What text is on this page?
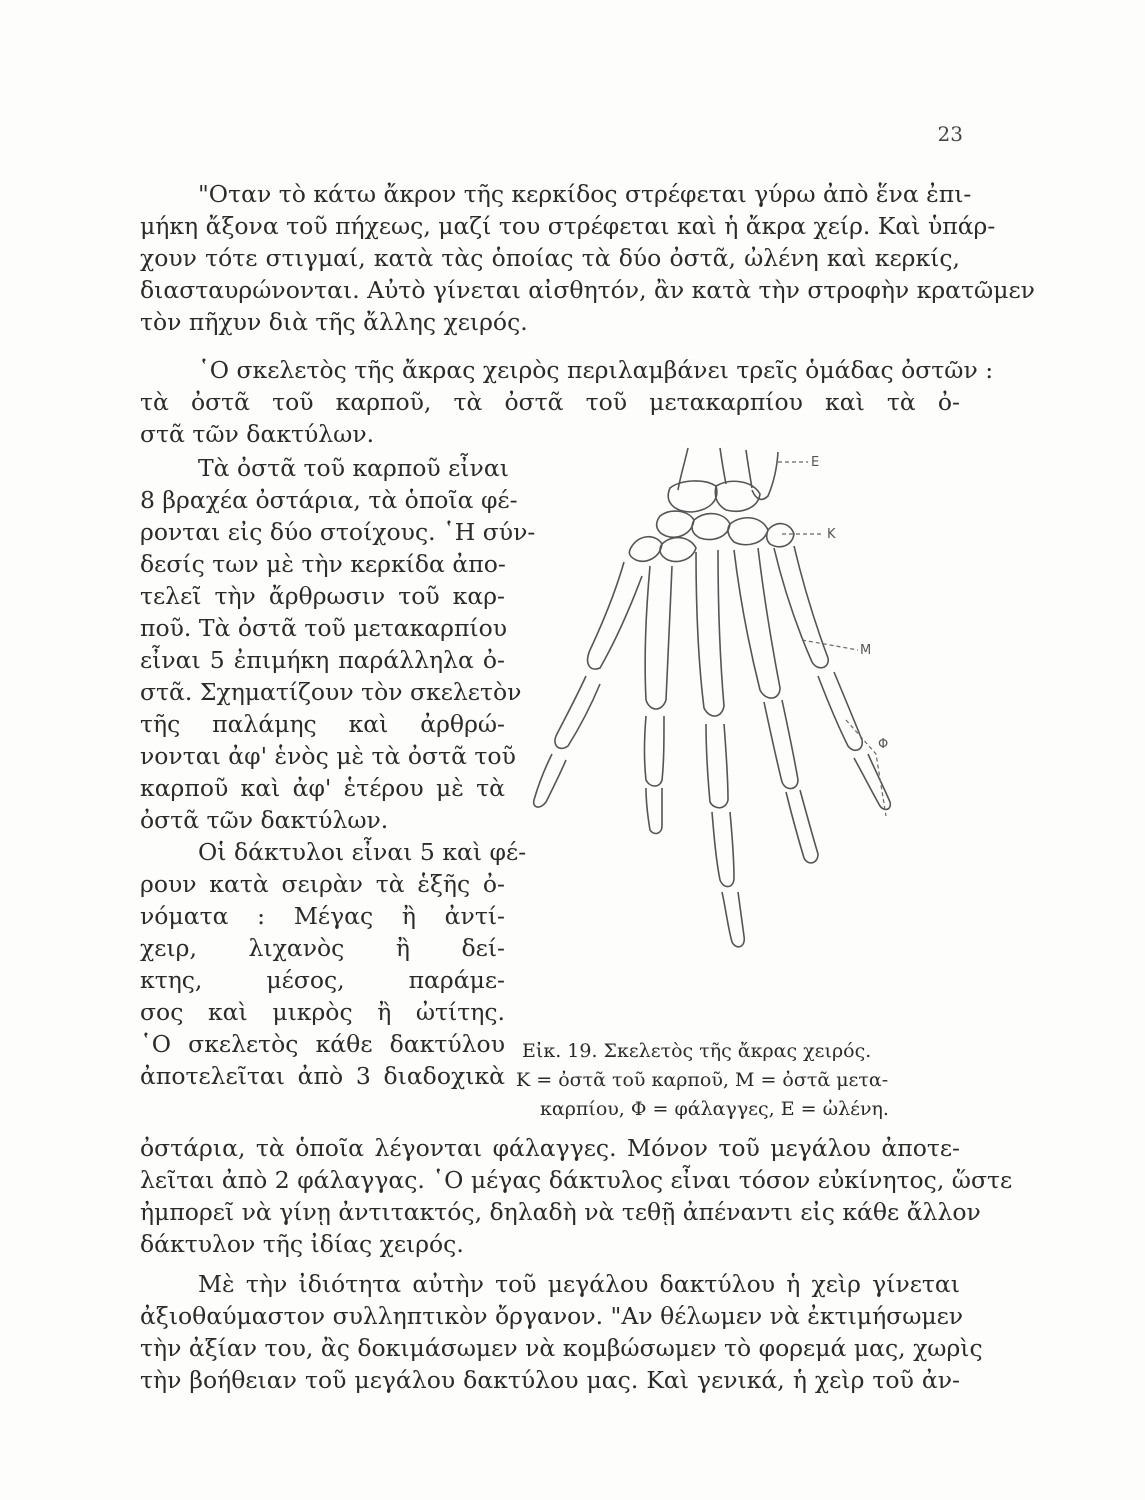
23
"Οταν τὸ κάτω ἄκρον τῆς κερκίδος στρέφεται γύρω ἀπὸ ἕνα ἐπι-
μήκη ἄξονα τοῦ πήχεως, μαζί του στρέφεται καὶ ἡ ἄκρα χείρ. Καὶ ὑπάρ-
χουν τότε στιγμαί, κατὰ τὰς ὁποίας τὰ δύο ὀστᾶ, ὠλένη καὶ κερκίς,
διασταυρώνονται. Αὐτὸ γίνεται αἰσθητόν, ἂν κατὰ τὴν στροφὴν κρατῶμεν
τὸν πῆχυν διὰ τῆς ἄλλης χειρός.
῾Ο σκελετὸς τῆς ἄκρας χειρὸς περιλαμβάνει τρεῖς ὁμάδας ὀστῶν :
τὰ ὀστᾶ τοῦ καρποῦ, τὰ ὀστᾶ τοῦ μετακαρπίου καὶ τὰ ὀ-
στᾶ τῶν δακτύλων.
Τὰ ὀστᾶ τοῦ καρποῦ εἶναι
8 βραχέα ὀστάρια, τὰ ὁποῖα φέ-
ρονται εἰς δύο στοίχους. ῾Η σύν-
δεσίς των μὲ τὴν κερκίδα ἀπο-
τελεῖ τὴν ἄρθρωσιν τοῦ καρ-
ποῦ. Τὰ ὀστᾶ τοῦ μετακαρπίου
εἶναι 5 ἐπιμήκη παράλληλα ὀ-
στᾶ. Σχηματίζουν τὸν σκελετὸν
τῆς παλάμης καὶ ἀρθρώ-
νονται ἀφ' ἑνὸς μὲ τὰ ὀστᾶ τοῦ
καρποῦ καὶ ἀφ' ἑτέρου μὲ τὰ
ὀστᾶ τῶν δακτύλων.
Οἱ δάκτυλοι εἶναι 5 καὶ φέ-
ρουν κατὰ σειρὰν τὰ ἑξῆς ὀ-
νόματα : Μέγας ἢ ἀντί-
χειρ, λιχανὸς ἢ δεί-
κτης, μέσος, παράμε-
σος καὶ μικρὸς ἢ ὠτίτης.
῾Ο σκελετὸς κάθε δακτύλου
ἀποτελεῖται ἀπὸ 3 διαδοχικὰ
E
K
M
Φ
Εἰκ. 19. Σκελετὸς τῆς ἄκρας χειρός.
Κ = ὀστᾶ τοῦ καρποῦ, Μ = ὀστᾶ μετα-
καρπίου, Φ = φάλαγγες, Ε = ὠλένη.
ὀστάρια, τὰ ὁποῖα λέγονται φάλαγγες. Μόνον τοῦ μεγάλου ἀποτε-
λεῖται ἀπὸ 2 φάλαγγας. ῾Ο μέγας δάκτυλος εἶναι τόσον εὐκίνητος, ὥστε
ἠμπορεῖ νὰ γίνῃ ἀντιτακτός, δηλαδὴ νὰ τεθῇ ἀπέναντι εἰς κάθε ἄλλον
δάκτυλον τῆς ἰδίας χειρός.
Μὲ τὴν ἰδιότητα αὐτὴν τοῦ μεγάλου δακτύλου ἡ χεὶρ γίνεται
ἀξιοθαύμαστον συλληπτικὸν ὄργανον. "Αν θέλωμεν νὰ ἐκτιμήσωμεν
τὴν ἀξίαν του, ἂς δοκιμάσωμεν νὰ κομβώσωμεν τὸ φορεμά μας, χωρὶς
τὴν βοήθειαν τοῦ μεγάλου δακτύλου μας. Καὶ γενικά, ἡ χεὶρ τοῦ ἀν-
